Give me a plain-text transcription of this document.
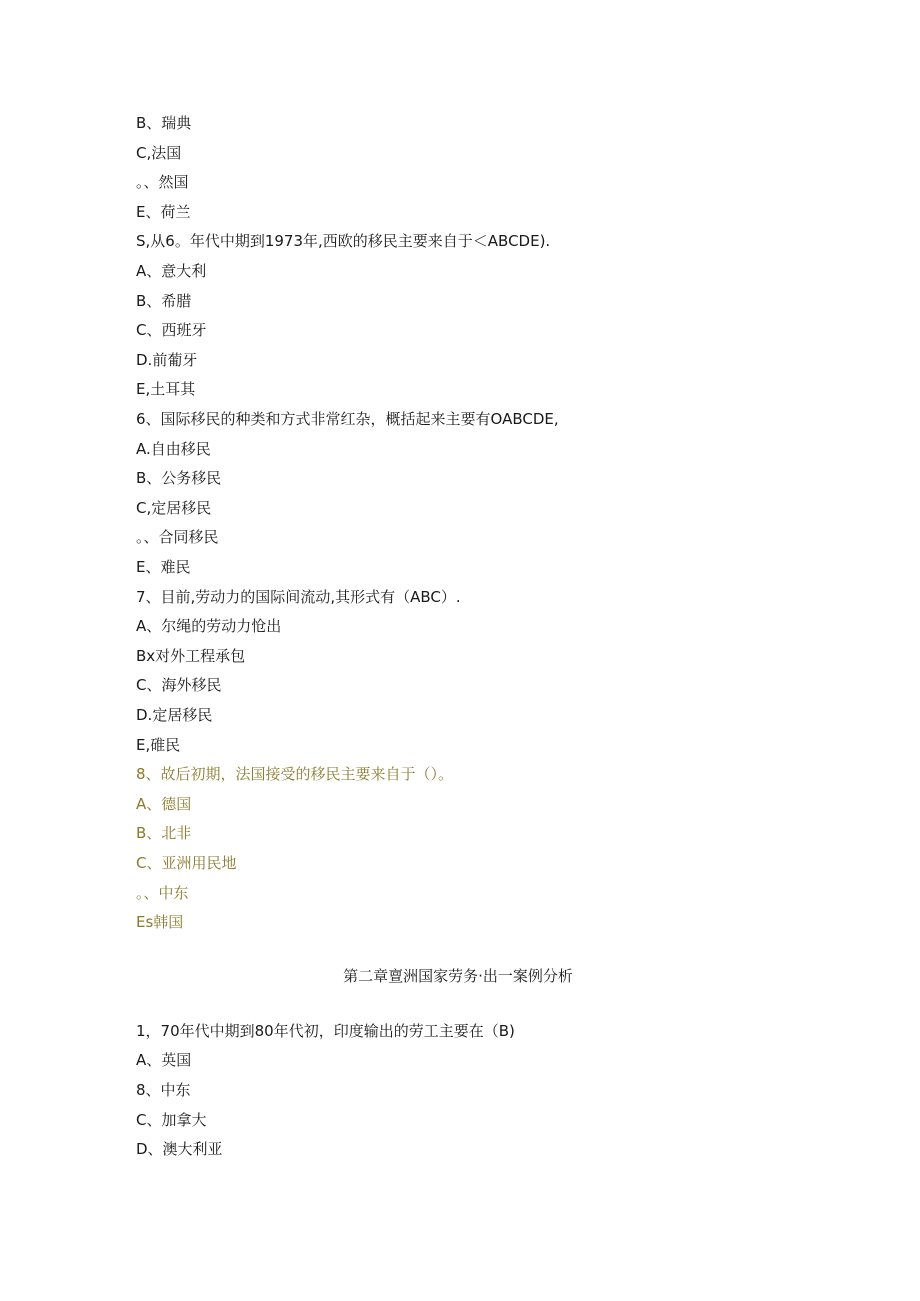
B、瑞典
C,法国
。、然国
E、荷兰
S,从6。年代中期到1973年,西欧的移民主要来自于＜ABCDE).
A、意大利
B、希腊
C、西班牙
D.前葡牙
E,土耳其
6、国际移民的种类和方式非常红杂，概括起来主要有OABCDE,
A.自由移民
B、公务移民
C,定居移民
。、合同移民
E、难民
7、目前,劳动力的国际间流动,其形式有（ABC）.
A、尔绳的劳动力怆出
Bx对外工程承包
C、海外移民
D.定居移民
E,碓民
8、故后初期，法国接受的移民主要来自于（）。
A、德国
B、北非
C、亚洲用民地
。、中东
Es韩国
第二章亶洲国家劳务·出一案例分析
1，70年代中期到80年代初，印度输出的劳工主要在（B)
A、英国
8、中东
C、加拿大
D、澳大利亚
